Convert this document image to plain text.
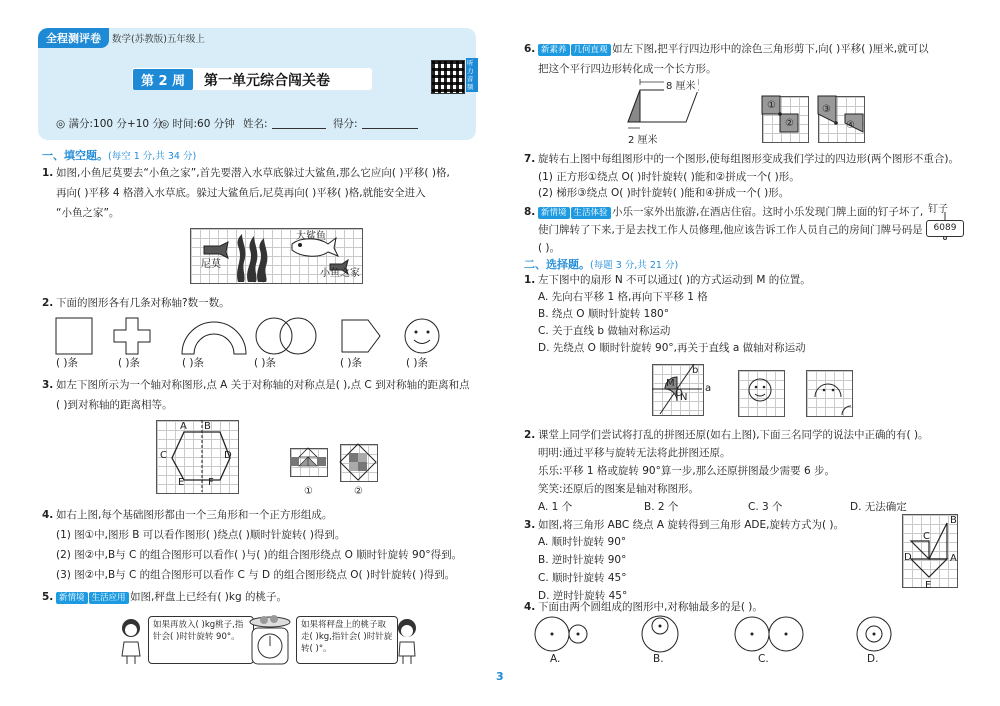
全程测评卷	数学(苏教版)五年级上
第 2 周	第一单元综合闯关卷
听力音频
◎ 满分:100 分+10 分
◎ 时间:60 分钟 姓名:	得分:
一、填空题。(每空 1 分,共 34 分)
1. 如图,小鱼尼莫要去“小鱼之家”,首先要潜入水草底躲过大鲨鱼,那么它应向( )平移( )格,
再向( )平移 4 格潜入水草底。躲过大鲨鱼后,尼莫再向( )平移( )格,就能安全进入
“小鱼之家”。
尼莫
大鲨鱼
小鱼之家
2. 下面的图形各有几条对称轴?数一数。
( )条	( )条	( )条	( )条	( )条	( )条
3. 如左下图所示为一个轴对称图形,点 A 关于对称轴的对称点是( ),点 C 到对称轴的距离和点
( )到对称轴的距离相等。
A B
C	D
E F
①	②
4. 如右上图,每个基础图形都由一个三角形和一个正方形组成。
(1) 图①中,图形 B 可以看作图形( )绕点( )顺时针旋转( )得到。
(2) 图②中,B与 C 的组合图形可以看作( )与( )的组合图形绕点 O 顺时针旋转 90°得到。
(3) 图②中,B与 C 的组合图形可以看作 C 与 D 的组合图形绕点 O( )时针旋转( )得到。
5. 新情境 生活应用 如图,秤盘上已经有( )kg 的桃子。
如果再放入( )kg桃子,指针会( )时针旋转 90°。
如果将秤盘上的桃子取走( )kg,指针会( )时针旋转( )°。
6. 新素养 几何直观 如左下图,把平行四边形中的涂色三角形剪下,向( )平移( )厘米,就可以
把这个平行四边形转化成一个长方形。
8 厘米
2 厘米
①
②
③
④
7. 旋转右上图中每组图形中的一个图形,使每组图形变成我们学过的四边形(两个图形不重合)。
(1) 正方形①绕点 O( )时针旋转( )能和②拼成一个( )形。
(2) 梯形③绕点 O( )时针旋转( )能和④拼成一个( )形。
8. 新情境 生活体验 小乐一家外出旅游,在酒店住宿。这时小乐发现门牌上面的钉子坏了,
使门牌转了下来,于是去找工作人员修理,他应该告诉工作人员自己的房间门牌号码是
( )。
钉子
6089
二、选择题。(每题 3 分,共 21 分)
1. 左下图中的扇形 N 不可以通过( )的方式运动到 M 的位置。
A. 先向右平移 1 格,再向下平移 1 格
B. 绕点 O 顺时针旋转 180°
C. 关于直线 b 做轴对称运动
D. 先绕点 O 顺时针旋转 90°,再关于直线 a 做轴对称运动
b
a
M
N
O
2. 课堂上同学们尝试将打乱的拼图还原(如右上图),下面三名同学的说法中正确的有( )。
明明:通过平移与旋转无法将此拼图还原。
乐乐:平移 1 格或旋转 90°算一步,那么还原拼图最少需要 6 步。
笑笑:还原后的图案是轴对称图形。
A. 1 个	B. 2 个	C. 3 个	D. 无法确定
3. 如图,将三角形 ABC 绕点 A 旋转得到三角形 ADE,旋转方式为( )。
A. 顺时针旋转 90°
B. 逆时针旋转 90°
C. 顺时针旋转 45°
D. 逆时针旋转 45°
B
C
D	A
E
4. 下面由两个圆组成的图形中,对称轴最多的是( )。
A.	B.	C.	D.
3
